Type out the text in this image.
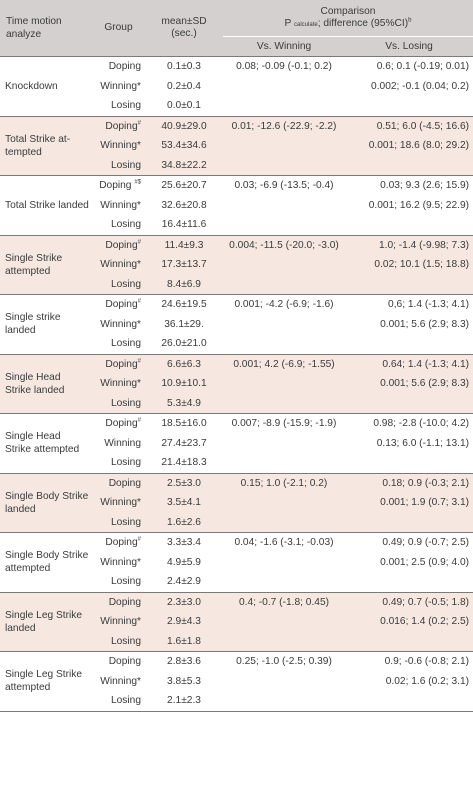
Time motion analyze	Group	mean±SD (sec.)	Comparison
P calculate; difference $(95\%CI)^b$

			Vs. Winning	Vs. Losing
Knockdown	Doping	0.1±0.3	0.08; -0.09 (-0.1; 0.2)	0.6; 0.1 (-0.19; 0.01)
	Winning*	0.2±0.4		0.002; -0.1 (0.04; 0.2)
	Losing	0.0±0.1		
Total Strike at-tempted	Doping#	40.9±29.0	0.01; -12.6 (-22.9; -2.2)	0.51; 6.0 (-4.5; 16.6)
	Winning*	53.4±34.6		0.001; 18.6 (8.0; 29.2)
	Losing	34.8±22.2		
Total Strike landed	Doping #$	25.6±20.7	0.03; -6.9 (-13.5; -0.4)	0.03; 9.3 (2.6; 15.9)
	Winning*	32.6±20.8		0.001; 16.2 (9.5; 22.9)
	Losing	16.4±11.6		
Single Strike attempted	Doping#	11.4±9.3	0.004; -11.5 (-20.0; -3.0)	1.0; -1.4 (-9.98; 7.3)
	Winning*	17.3±13.7		0.02; 10.1 (1.5; 18.8)
	Losing	8.4±6.9		
Single strike landed	Doping#	24.6±19.5	0.001; -4.2 (-6.9; -1.6)	0,6; 1.4 (-1.3; 4.1)
	Winning*	36.1±29.		0.001; 5.6 (2.9; 8.3)
	Losing	26.0±21.0		
Single Head Strike landed	Doping#	6.6±6.3	0.001; 4.2 (-6.9; -1.55)	0.64; 1.4 (-1.3; 4.1)
	Winning*	10.9±10.1		0.001; 5.6 (2.9; 8.3)
	Losing	5.3±4.9		
Single Head Strike attempted	Doping#	18.5±16.0	0.007; -8.9 (-15.9; -1.9)	0.98; -2.8 (-10.0; 4.2)
	Winning	27.4±23.7		0.13; 6.0 (-1.1; 13.1)
	Losing	21.4±18.3		
Single Body Strike landed	Doping	2.5±3.0	0.15; 1.0 (-2.1; 0.2)	0.18; 0.9 (-0.3; 2.1)
	Winning*	3.5±4.1		0.001; 1.9 (0.7; 3.1)
	Losing	1.6±2.6		
Single Body Strike attempted	Doping#	3.3±3.4	0.04; -1.6 (-3.1; -0.03)	0.49; 0.9 (-0.7; 2.5)
	Winning*	4.9±5.9		0.001; 2.5 (0.9; 4.0)
	Losing	2.4±2.9		
Single Leg Strike landed	Doping	2.3±3.0	0.4; -0.7 (-1.8; 0.45)	0.49; 0.7 (-0.5; 1.8)
	Winning*	2.9±4.3		0.016; 1.4 (0.2; 2.5)
	Losing	1.6±1.8		
Single Leg Strike attempted	Doping	2.8±3.6	0.25; -1.0 (-2.5; 0.39)	0.9; -0.6 (-0.8; 2.1)
	Winning*	3.8±5.3		0.02; 1.6 (0.2; 3.1)
	Losing	2.1±2.3		
